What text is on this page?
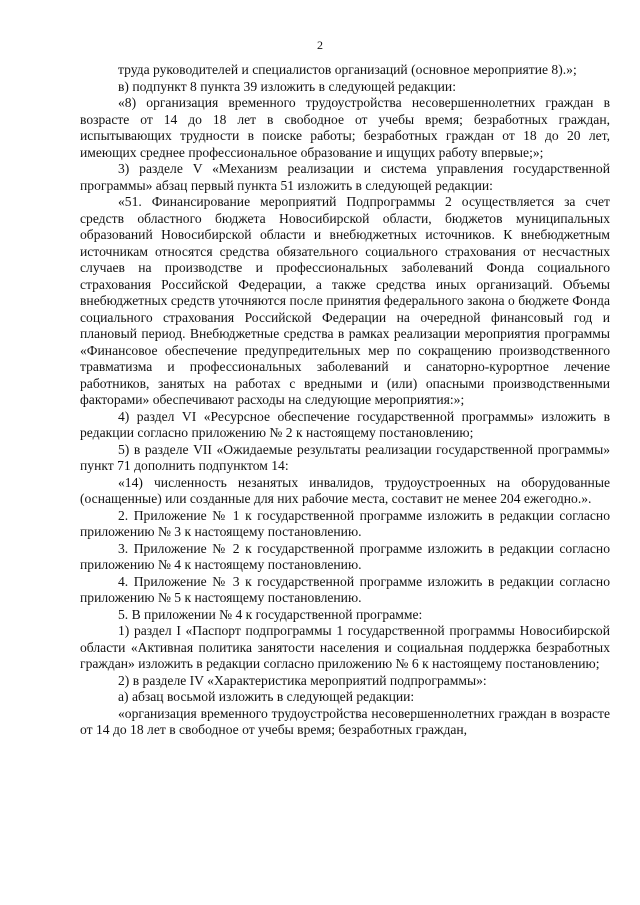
2

труда руководителей и специалистов организаций (основное мероприятие 8).»;

в) подпункт 8 пункта 39 изложить в следующей редакции:

«8) организация временного трудоустройства несовершеннолетних граждан в возрасте от 14 до 18 лет в свободное от учебы время; безработных граждан, испытывающих трудности в поиске работы; безработных граждан от 18 до 20 лет, имеющих среднее профессиональное образование и ищущих работу впервые;»;

3) разделе V «Механизм реализации и система управления государственной программы» абзац первый пункта 51 изложить в следующей редакции:

«51. Финансирование мероприятий Подпрограммы 2 осуществляется за счет средств областного бюджета Новосибирской области, бюджетов муниципальных образований Новосибирской области и внебюджетных источников. К внебюджетным источникам относятся средства обязательного социального страхования от несчастных случаев на производстве и профессиональных заболеваний Фонда социального страхования Российской Федерации, а также средства иных организаций. Объемы внебюджетных средств уточняются после принятия федерального закона о бюджете Фонда социального страхования Российской Федерации на очередной финансовый год и плановый период. Внебюджетные средства в рамках реализации мероприятия программы «Финансовое обеспечение предупредительных мер по сокращению производственного травматизма и профессиональных заболеваний и санаторно-курортное лечение работников, занятых на работах с вредными и (или) опасными производственными факторами» обеспечивают расходы на следующие мероприятия:»;

4) раздел VI «Ресурсное обеспечение государственной программы» изложить в редакции согласно приложению № 2 к настоящему постановлению;

5) в разделе VII «Ожидаемые результаты реализации государственной программы» пункт 71 дополнить подпунктом 14:

«14) численность незанятых инвалидов, трудоустроенных на оборудованные (оснащенные) или созданные для них рабочие места, составит не менее 204 ежегодно.».

2. Приложение № 1 к государственной программе изложить в редакции согласно приложению № 3 к настоящему постановлению.

3. Приложение № 2 к государственной программе изложить в редакции согласно приложению № 4 к настоящему постановлению.

4. Приложение № 3 к государственной программе изложить в редакции согласно приложению № 5 к настоящему постановлению.

5. В приложении № 4 к государственной программе:

1) раздел I «Паспорт подпрограммы 1 государственной программы Новосибирской области «Активная политика занятости населения и социальная поддержка безработных граждан» изложить в редакции согласно приложению № 6 к настоящему постановлению;

2) в разделе IV «Характеристика мероприятий подпрограммы»:

а) абзац восьмой изложить в следующей редакции:

«организация временного трудоустройства несовершеннолетних граждан в возрасте от 14 до 18 лет в свободное от учебы время; безработных граждан,
